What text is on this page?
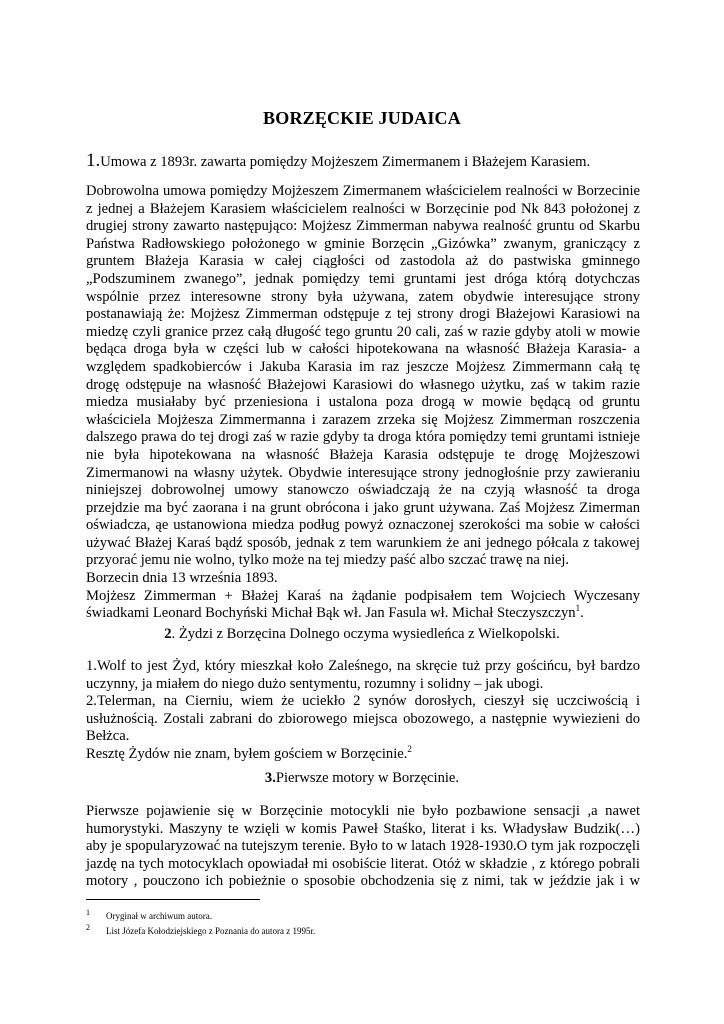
BORZĘCKIE JUDAICA
1.Umowa z 1893r. zawarta pomiędzy Mojżeszem Zimermanem i Błażejem Karasiem.
Dobrowolna umowa pomiędzy Mojżeszem Zimermanem właścicielem realności w Borzecinie
z jednej a Błażejem Karasiem właścicielem realności w Borzęcinie pod Nk 843 położonej z
drugiej strony zawarto następująco: Mojżesz Zimmerman nabywa realność gruntu od Skarbu
Państwa Radłowskiego położonego w gminie Borzęcin „Gizówka” zwanym, graniczący z
gruntem Błażeja Karasia w całej ciągłości od zastodola aż do pastwiska gminnego
„Podszuminem zwanego”, jednak pomiędzy temi gruntami jest dróga którą dotychczas
wspólnie przez interesowne strony była używana, zatem obydwie interesujące strony
postanawiają że: Mojżesz Zimmerman odstępuje z tej strony drogi Błażejowi Karasiowi na
miedzę czyli granice przez całą długość tego gruntu 20 cali, zaś w razie gdyby atoli w mowie
będąca droga była w części lub w całości hipotekowana na własność Błażeja Karasia- a
względem spadkobierców i Jakuba Karasia im raz jeszcze Mojżesz Zimmermann całą tę
drogę odstępuje na własność Błażejowi Karasiowi do własnego użytku, zaś w takim razie
miedza musiałaby być przeniesiona i ustalona poza drogą w mowie będącą od gruntu
właściciela Mojżesza Zimmermanna i zarazem zrzeka się Mojżesz Zimmerman roszczenia
dalszego prawa do tej drogi zaś w razie gdyby ta droga która pomiędzy temi gruntami istnieje
nie była hipotekowana na własność Błażeja Karasia odstępuje te drogę Mojżeszowi
Zimermanowi na własny użytek. Obydwie interesujące strony jednogłośnie przy zawieraniu
niniejszej dobrowolnej umowy stanowczo oświadczają że na czyją własność ta droga
przejdzie ma być zaorana i na grunt obrócona i jako grunt używana. Zaś Mojżesz Zimerman
oświadcza, ąe ustanowiona miedza podług powyż oznaczonej szerokości ma sobie w całości
używać Błażej Karaś bądź sposób, jednak z tem warunkiem że ani jednego półcala z takowej
przyorać jemu nie wolno, tylko może na tej miedzy paść albo szczać trawę na niej.
Borzecin dnia 13 września 1893.
Mojżesz Zimmerman + Błażej Karaś na żądanie podpisałem tem Wojciech Wyczesany
świadkami Leonard Bochyński Michał Bąk wł. Jan Fasula wł. Michał Steczyszczyn$^1$.
2. Żydzi z Borzęcina Dolnego oczyma wysiedleńca z Wielkopolski.
1.Wolf to jest Żyd, który mieszkał koło Zaleśnego, na skręcie tuż przy gościńcu, był bardzo
uczynny, ja miałem do niego dużo sentymentu, rozumny i solidny – jak ubogi.
2.Telerman, na Cierniu, wiem że uciekło 2 synów dorosłych, cieszył się uczciwością i
usłużnością. Zostali zabrani do zbiorowego miejsca obozowego, a następnie wywiezieni do
Bełżca.
Resztę Żydów nie znam, byłem gościem w Borzęcinie.$^2$
3.Pierwsze motory w Borzęcinie.
Pierwsze pojawienie się w Borzęcinie motocykli nie było pozbawione sensacji ,a nawet
humorystyki. Maszyny te wzięli w komis Paweł Staśko, literat i ks. Władysław Budzik(…)
aby je spopularyzować na tutejszym terenie. Było to w latach 1928-1930.O tym jak rozpoczęli
jazdę na tych motocyklach opowiadał mi osobiście literat. Otóż w składzie , z którego pobrali
motory , pouczono ich pobieżnie o sposobie obchodzenia się z nimi, tak w jeździe jak i w
1 Oryginał w archiwum autora.
2 List Józefa Kołodziejskiego z Poznania do autora z 1995r.
